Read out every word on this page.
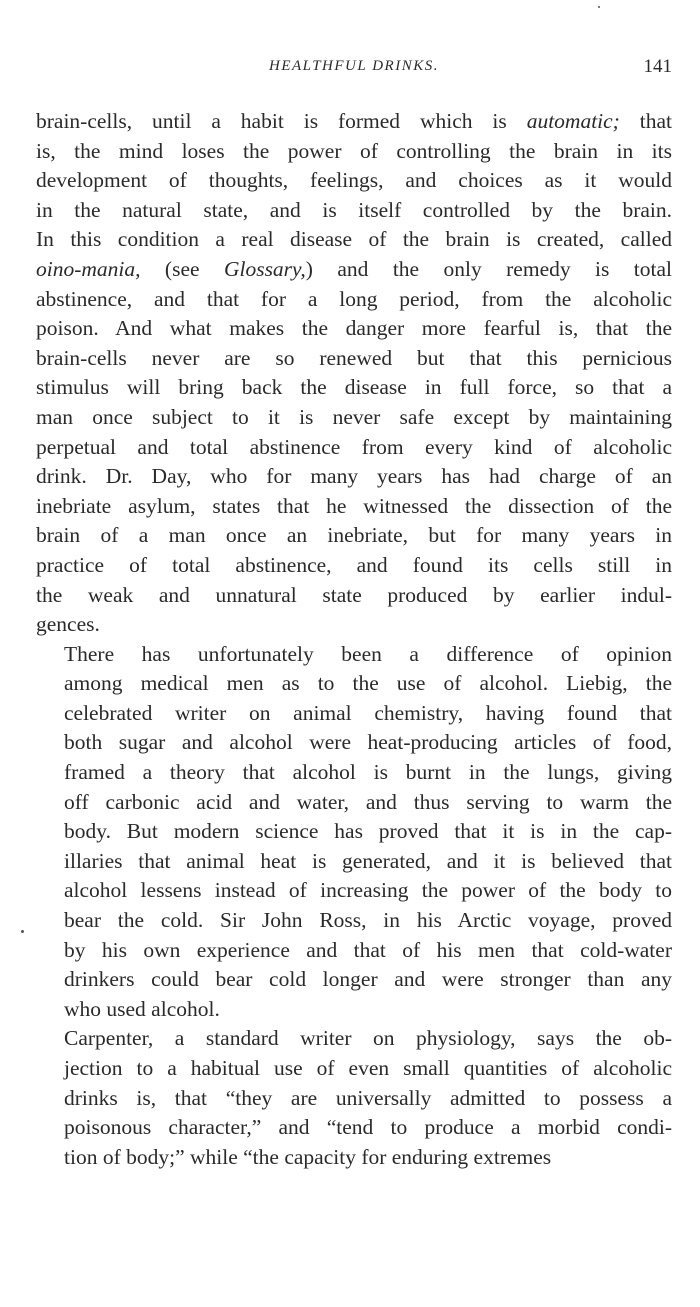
HEALTHFUL DRINKS.	141

brain-cells, until a habit is formed which is automatic; that
is, the mind loses the power of controlling the brain in its
development of thoughts, feelings, and choices as it would
in the natural state, and is itself controlled by the brain.
In this condition a real disease of the brain is created, called
oino-mania, (see Glossary,) and the only remedy is total
abstinence, and that for a long period, from the alcoholic
poison. And what makes the danger more fearful is, that the
brain-cells never are so renewed but that this pernicious
stimulus will bring back the disease in full force, so that a
man once subject to it is never safe except by maintaining
perpetual and total abstinence from every kind of alcoholic
drink. Dr. Day, who for many years has had charge of an
inebriate asylum, states that he witnessed the dissection of the
brain of a man once an inebriate, but for many years in
practice of total abstinence, and found its cells still in
the weak and unnatural state produced by earlier indul-
gences.

There has unfortunately been a difference of opinion
among medical men as to the use of alcohol. Liebig, the
celebrated writer on animal chemistry, having found that
both sugar and alcohol were heat-producing articles of food,
framed a theory that alcohol is burnt in the lungs, giving
off carbonic acid and water, and thus serving to warm the
body. But modern science has proved that it is in the cap-
illaries that animal heat is generated, and it is believed that
alcohol lessens instead of increasing the power of the body to
bear the cold. Sir John Ross, in his Arctic voyage, proved
by his own experience and that of his men that cold-water
drinkers could bear cold longer and were stronger than any
who used alcohol.

Carpenter, a standard writer on physiology, says the ob-
jection to a habitual use of even small quantities of alcoholic
drinks is, that “they are universally admitted to possess a
poisonous character,” and “tend to produce a morbid condi-
tion of body;” while “the capacity for enduring extremes
